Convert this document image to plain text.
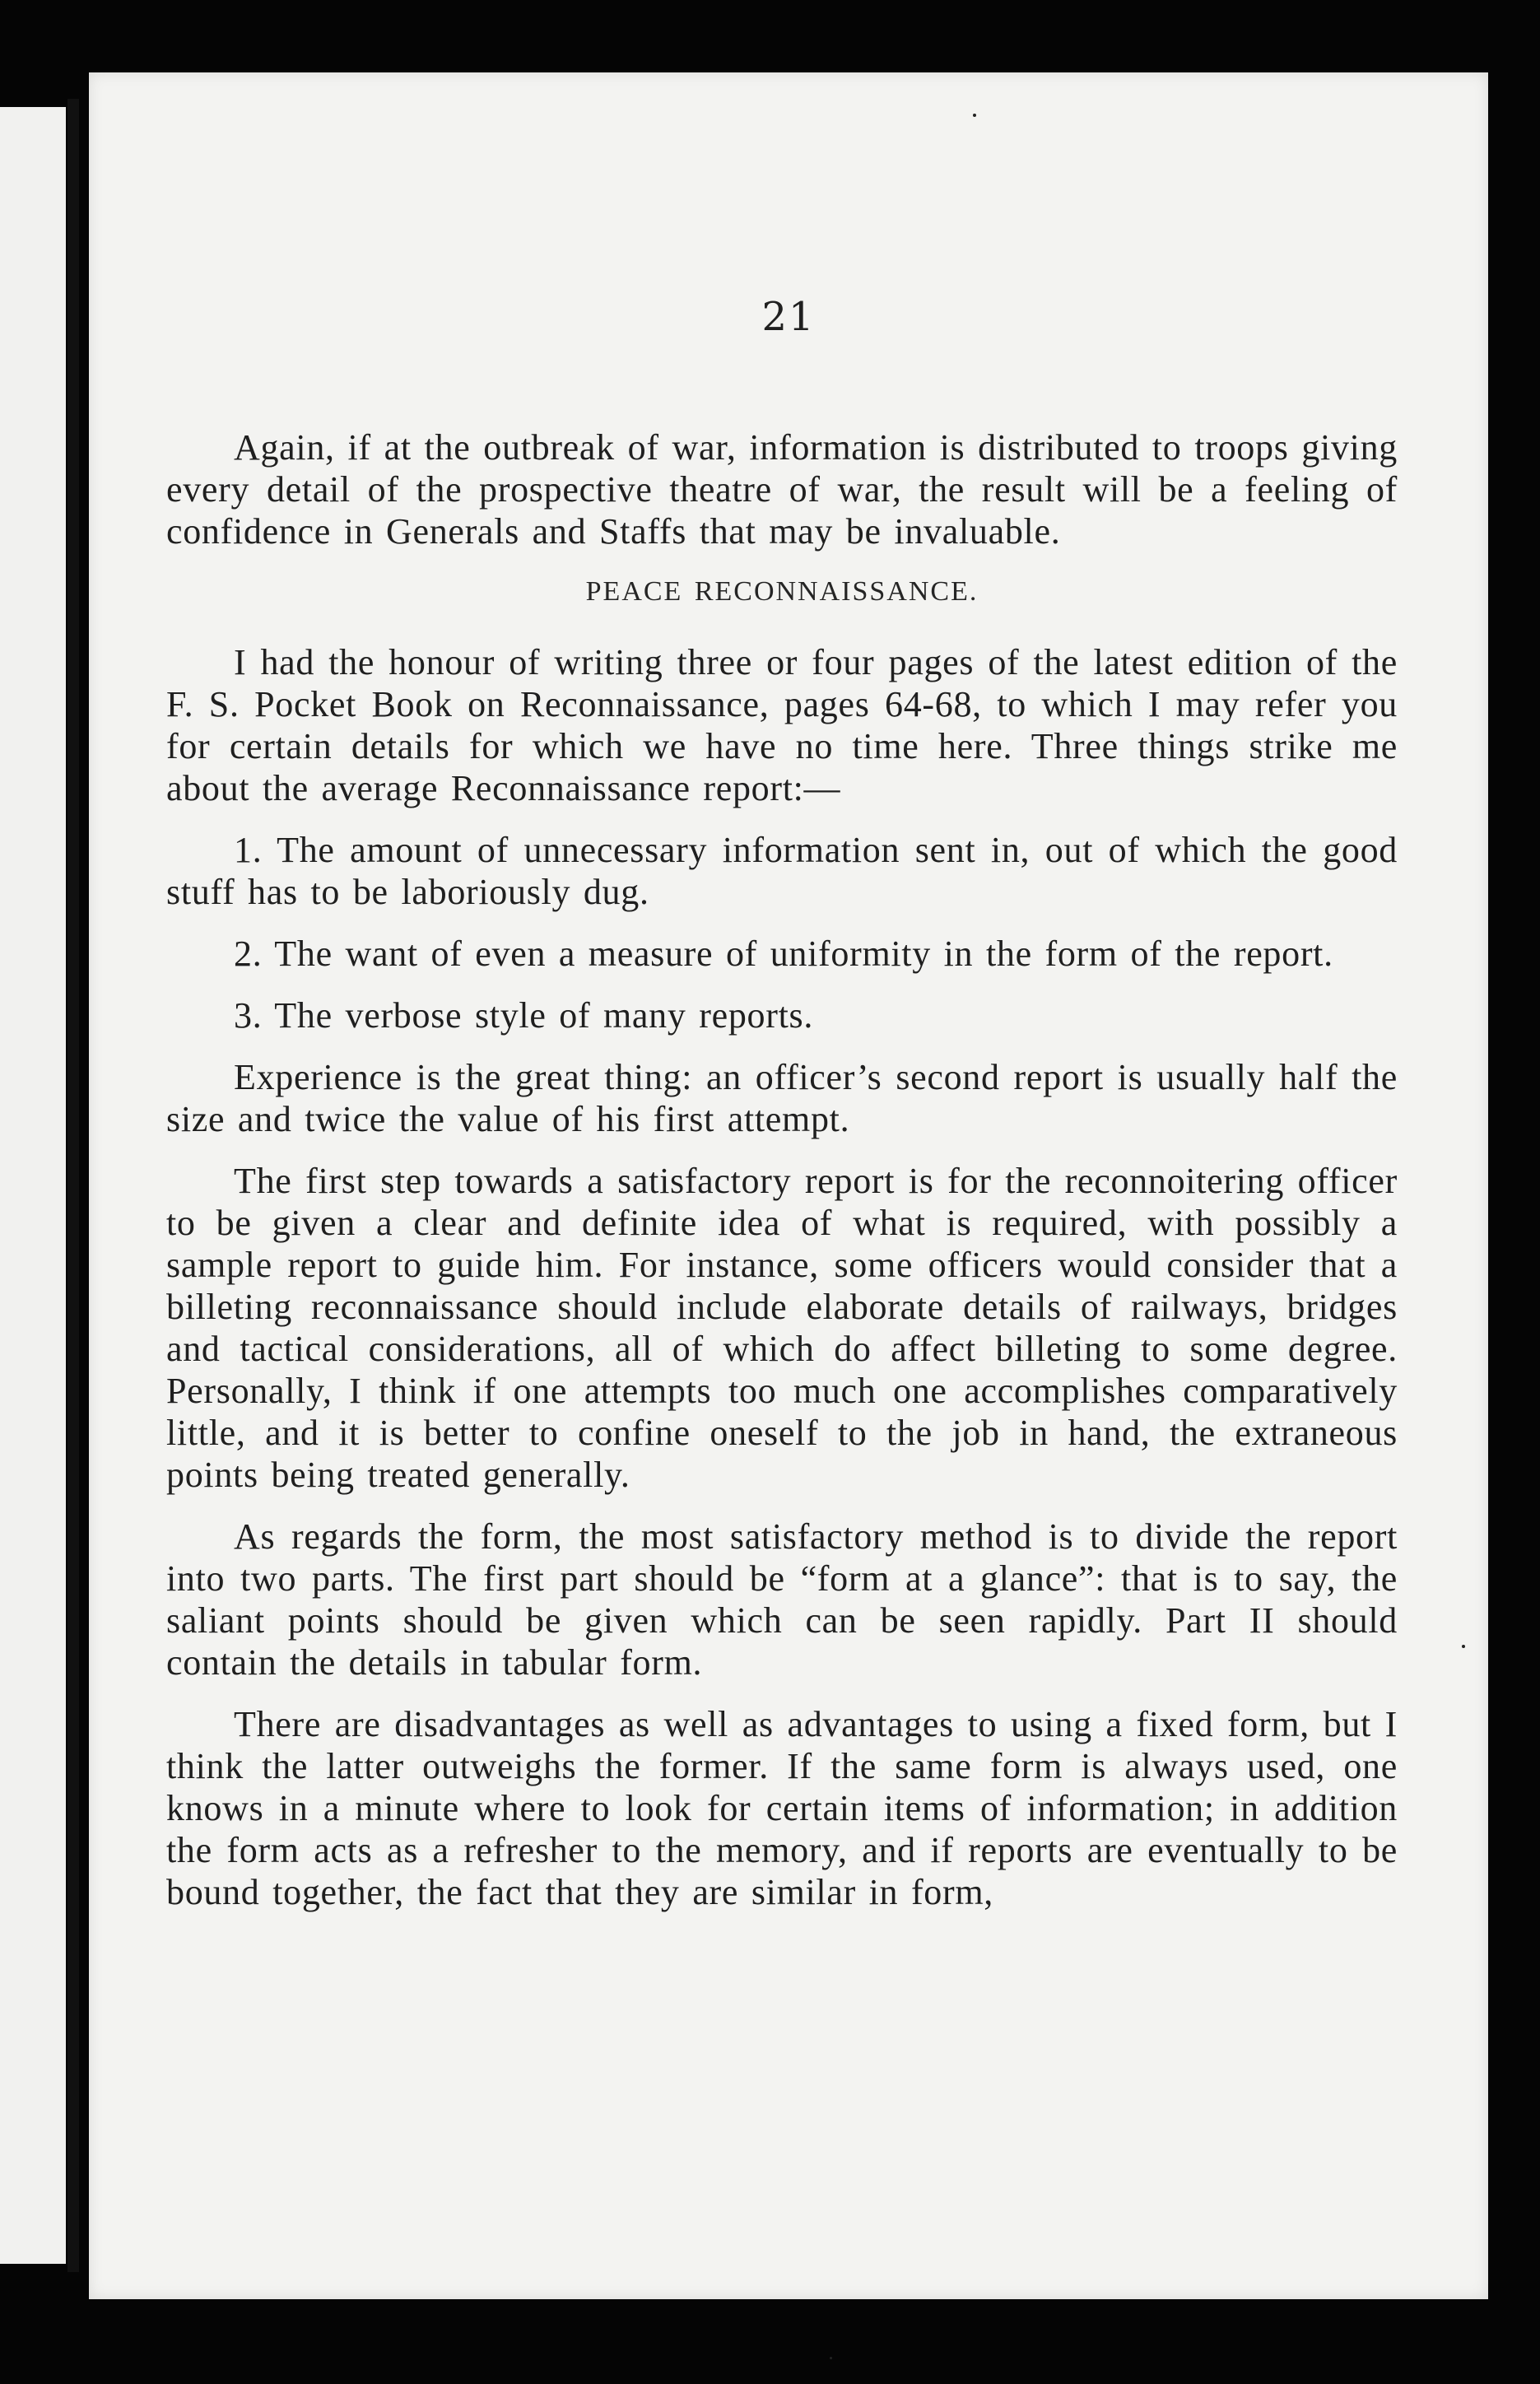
21

Again, if at the outbreak of war, information is distributed to troops giving every detail of the prospective theatre of war, the result will be a feeling of confidence in Generals and Staffs that may be invaluable.

PEACE RECONNAISSANCE.

I had the honour of writing three or four pages of the latest edition of the F. S. Pocket Book on Reconnaissance, pages 64-68, to which I may refer you for certain details for which we have no time here. Three things strike me about the average Reconnaissance report:—

1. The amount of unnecessary information sent in, out of which the good stuff has to be laboriously dug.

2. The want of even a measure of uniformity in the form of the report.

3. The verbose style of many reports.

Experience is the great thing: an officer’s second report is usually half the size and twice the value of his first attempt.

The first step towards a satisfactory report is for the reconnoitering officer to be given a clear and definite idea of what is required, with possibly a sample report to guide him. For instance, some officers would consider that a billeting reconnaissance should include elaborate details of railways, bridges and tactical considerations, all of which do affect billeting to some degree. Personally, I think if one attempts too much one accomplishes comparatively little, and it is better to confine oneself to the job in hand, the extraneous points being treated generally.

As regards the form, the most satisfactory method is to divide the report into two parts. The first part should be “form at a glance”: that is to say, the saliant points should be given which can be seen rapidly. Part II should contain the details in tabular form.

There are disadvantages as well as advantages to using a fixed form, but I think the latter outweighs the former. If the same form is always used, one knows in a minute where to look for certain items of information; in addition the form acts as a refresher to the memory, and if reports are eventually to be bound together, the fact that they are similar in form,
